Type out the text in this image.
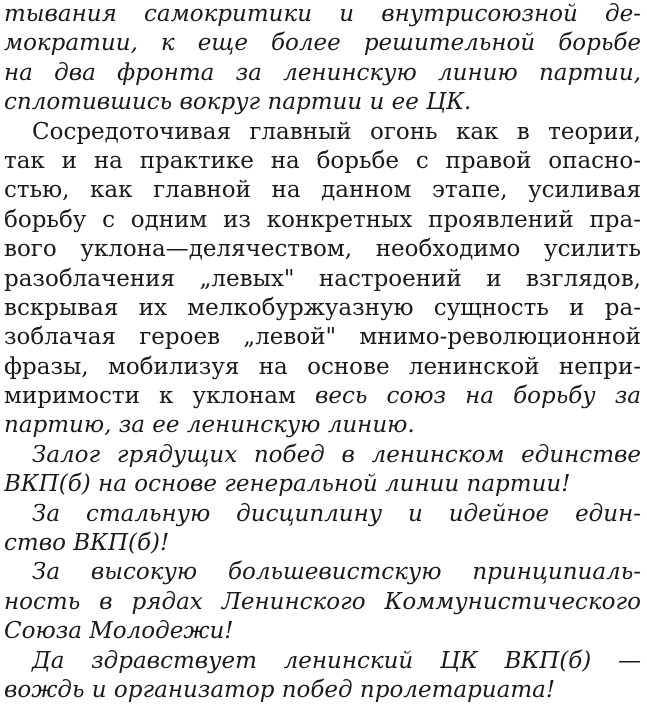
тывания самокритики и внутрисоюзной де-
мократии, к еще более решительной борьбе
на два фронта за ленинскую линию партии,
сплотившись вокруг партии и ее ЦК.
Сосредоточивая главный огонь как в теории,
так и на практике на борьбе с правой опасно-
стью, как главной на данном этапе, усиливая
борьбу с одним из конкретных проявлений пра-
вого уклона—делячеством, необходимо усилить
разоблачения „левых" настроений и взглядов,
вскрывая их мелкобуржуазную сущность и ра-
зоблачая героев „левой" мнимо-революционной
фразы, мобилизуя на основе ленинской непри-
миримости к уклонам весь союз на борьбу за
партию, за ее ленинскую линию.
Залог грядущих побед в ленинском единстве
ВКП(б) на основе генеральной линии партии!
За стальную дисциплину и идейное един-
ство ВКП(б)!
За высокую большевистскую принципиаль-
ность в рядах Ленинского Коммунистического
Союза Молодежи!
Да здравствует ленинский ЦК ВКП(б) —
вождь и организатор побед пролетариата!
